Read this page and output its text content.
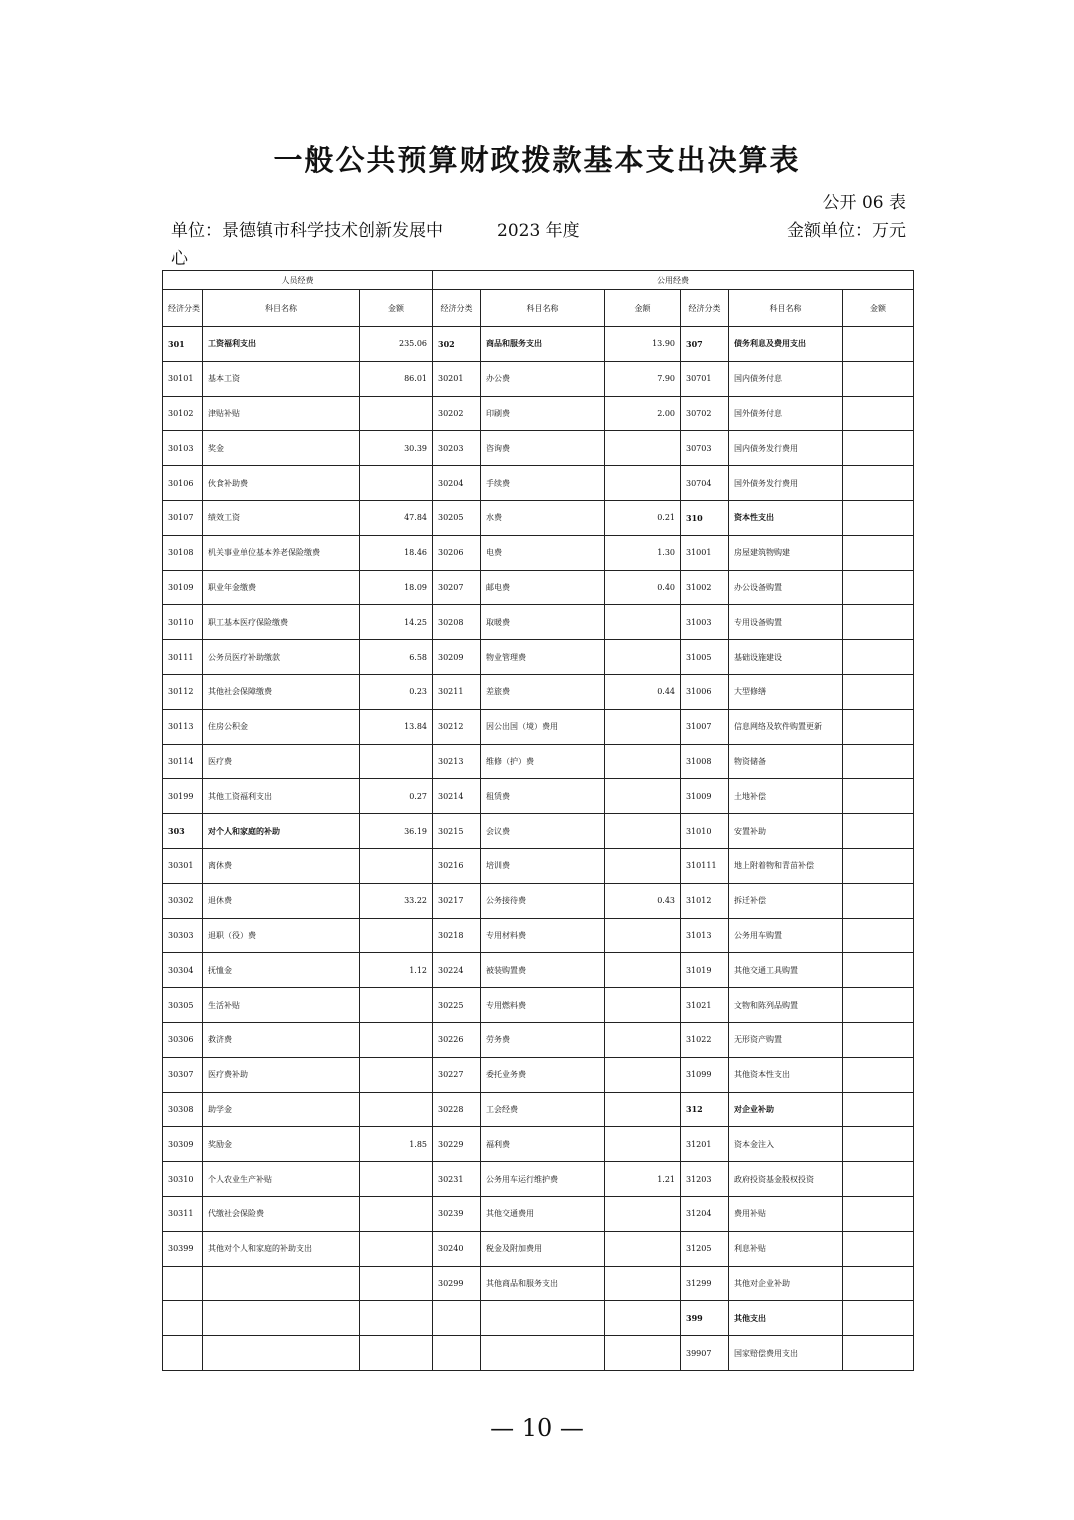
一般公共预算财政拨款基本支出决算表
公开 06 表
单位：景德镇市科学技术创新发展中心
2023 年度	金额单位：万元
人员经费			公用经费					
经济分类	科目名称	金额	经济分类	科目名称	金额	经济分类	科目名称	金额
301	工资福利支出	235.06	302	商品和服务支出	13.90	307	债务利息及费用支出	
30101	基本工资	86.01	30201	办公费	7.90	30701	国内债务付息	
30102	津贴补贴		30202	印刷费	2.00	30702	国外债务付息	
30103	奖金	30.39	30203	咨询费		30703	国内债务发行费用	
30106	伙食补助费		30204	手续费		30704	国外债务发行费用	
30107	绩效工资	47.84	30205	水费	0.21	310	资本性支出	
30108	机关事业单位基本养老保险缴费	18.46	30206	电费	1.30	31001	房屋建筑物购建	
30109	职业年金缴费	18.09	30207	邮电费	0.40	31002	办公设备购置	
30110	职工基本医疗保险缴费	14.25	30208	取暖费		31003	专用设备购置	
30111	公务员医疗补助缴款	6.58	30209	物业管理费		31005	基础设施建设	
30112	其他社会保障缴费	0.23	30211	差旅费	0.44	31006	大型修缮	
30113	住房公积金	13.84	30212	因公出国（境）费用		31007	信息网络及软件购置更新	
30114	医疗费		30213	维修（护）费		31008	物资储备	
30199	其他工资福利支出	0.27	30214	租赁费		31009	土地补偿	
303	对个人和家庭的补助	36.19	30215	会议费		31010	安置补助	
30301	离休费		30216	培训费		310111	地上附着物和青苗补偿	
30302	退休费	33.22	30217	公务接待费	0.43	31012	拆迁补偿	
30303	退职（役）费		30218	专用材料费		31013	公务用车购置	
30304	抚恤金	1.12	30224	被装购置费		31019	其他交通工具购置	
30305	生活补贴		30225	专用燃料费		31021	文物和陈列品购置	
30306	救济费		30226	劳务费		31022	无形资产购置	
30307	医疗费补助		30227	委托业务费		31099	其他资本性支出	
30308	助学金		30228	工会经费		312	对企业补助	
30309	奖励金	1.85	30229	福利费		31201	资本金注入	
30310	个人农业生产补贴		30231	公务用车运行维护费	1.21	31203	政府投资基金股权投资	
30311	代缴社会保险费		30239	其他交通费用		31204	费用补贴	
30399	其他对个人和家庭的补助支出		30240	税金及附加费用		31205	利息补贴	
			30299	其他商品和服务支出		31299	其他对企业补助	
						399	其他支出	
						39907	国家赔偿费用支出	
— 10 —
